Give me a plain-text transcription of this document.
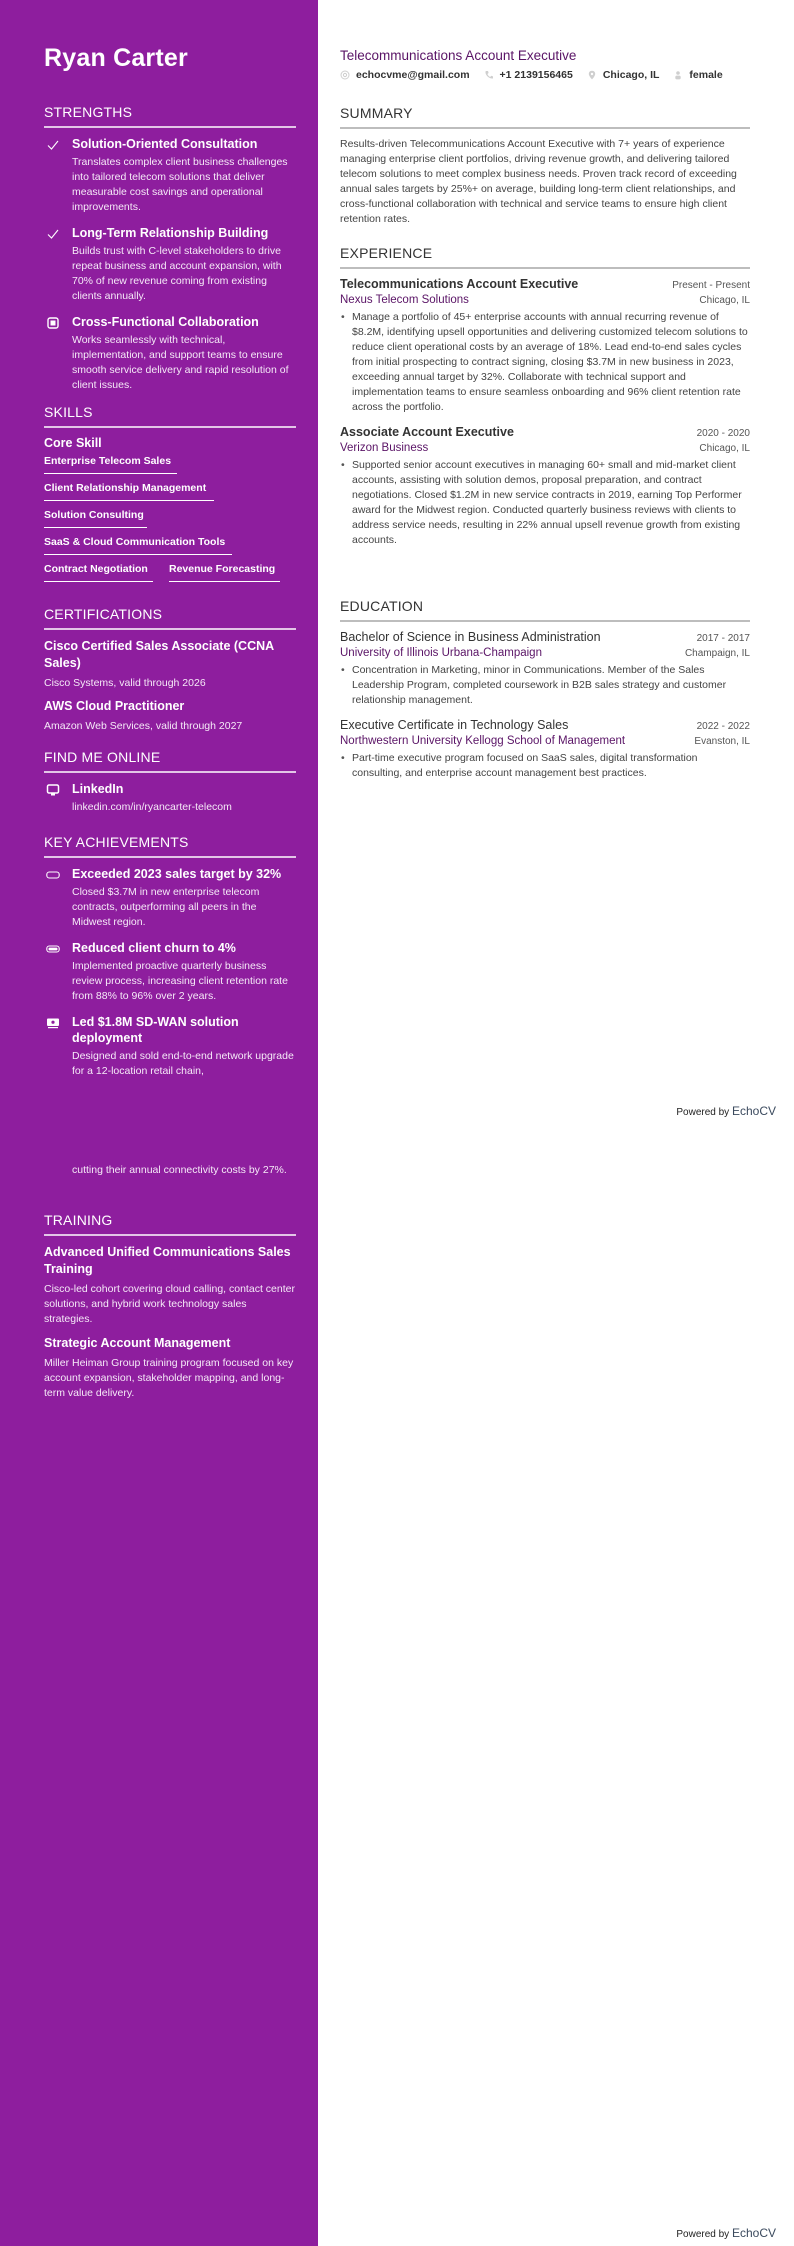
Ryan Carter
STRENGTHS
Solution-Oriented Consultation
Translates complex client business challenges into tailored telecom solutions that deliver measurable cost savings and operational improvements.
Long-Term Relationship Building
Builds trust with C-level stakeholders to drive repeat business and account expansion, with 70% of new revenue coming from existing clients annually.
Cross-Functional Collaboration
Works seamlessly with technical, implementation, and support teams to ensure smooth service delivery and rapid resolution of client issues.
SKILLS
Core Skill
Enterprise Telecom Sales
Client Relationship Management
Solution Consulting
SaaS & Cloud Communication Tools
Contract Negotiation	Revenue Forecasting
CERTIFICATIONS
Cisco Certified Sales Associate (CCNA Sales)
Cisco Systems, valid through 2026
AWS Cloud Practitioner
Amazon Web Services, valid through 2027
FIND ME ONLINE
LinkedIn
linkedin.com/in/ryancarter-telecom
KEY ACHIEVEMENTS
Exceeded 2023 sales target by 32%
Closed $3.7M in new enterprise telecom contracts, outperforming all peers in the Midwest region.
Reduced client churn to 4%
Implemented proactive quarterly business review process, increasing client retention rate from 88% to 96% over 2 years.
Led $1.8M SD-WAN solution deployment
Designed and sold end-to-end network upgrade for a 12-location retail chain,
cutting their annual connectivity costs by 27%.
TRAINING
Advanced Unified Communications Sales Training
Cisco-led cohort covering cloud calling, contact center solutions, and hybrid work technology sales strategies.
Strategic Account Management
Miller Heiman Group training program focused on key account expansion, stakeholder mapping, and long-term value delivery.
Telecommunications Account Executive
echocvme@gmail.com	+1 2139156465	Chicago, IL	female
SUMMARY

Results-driven Telecommunications Account Executive with 7+ years of experience managing enterprise client portfolios, driving revenue growth, and delivering tailored telecom solutions to meet complex business needs. Proven track record of exceeding annual sales targets by 25%+ on average, building long-term client relationships, and cross-functional collaboration with technical and service teams to ensure high client retention rates.

EXPERIENCE
Telecommunications Account Executive	Present - Present
Nexus Telecom Solutions	Chicago, IL
• Manage a portfolio of 45+ enterprise accounts with annual recurring revenue of $8.2M, identifying upsell opportunities and delivering customized telecom solutions to reduce client operational costs by an average of 18%. Lead end-to-end sales cycles from initial prospecting to contract signing, closing $3.7M in new business in 2023, exceeding annual target by 32%. Collaborate with technical support and implementation teams to ensure seamless onboarding and 96% client retention rate across the portfolio.
Associate Account Executive	2020 - 2020
Verizon Business	Chicago, IL
• Supported senior account executives in managing 60+ small and mid-market client accounts, assisting with solution demos, proposal preparation, and contract negotiations. Closed $1.2M in new service contracts in 2019, earning Top Performer award for the Midwest region. Conducted quarterly business reviews with clients to address service needs, resulting in 22% annual upsell revenue growth from existing accounts.
EDUCATION
Bachelor of Science in Business Administration	2017 - 2017
University of Illinois Urbana-Champaign	Champaign, IL
• Concentration in Marketing, minor in Communications. Member of the Sales Leadership Program, completed coursework in B2B sales strategy and customer relationship management.
Executive Certificate in Technology Sales	2022 - 2022
Northwestern University Kellogg School of Management	Evanston, IL
• Part-time executive program focused on SaaS sales, digital transformation consulting, and enterprise account management best practices.
Powered by EchoCV
Powered by EchoCV
